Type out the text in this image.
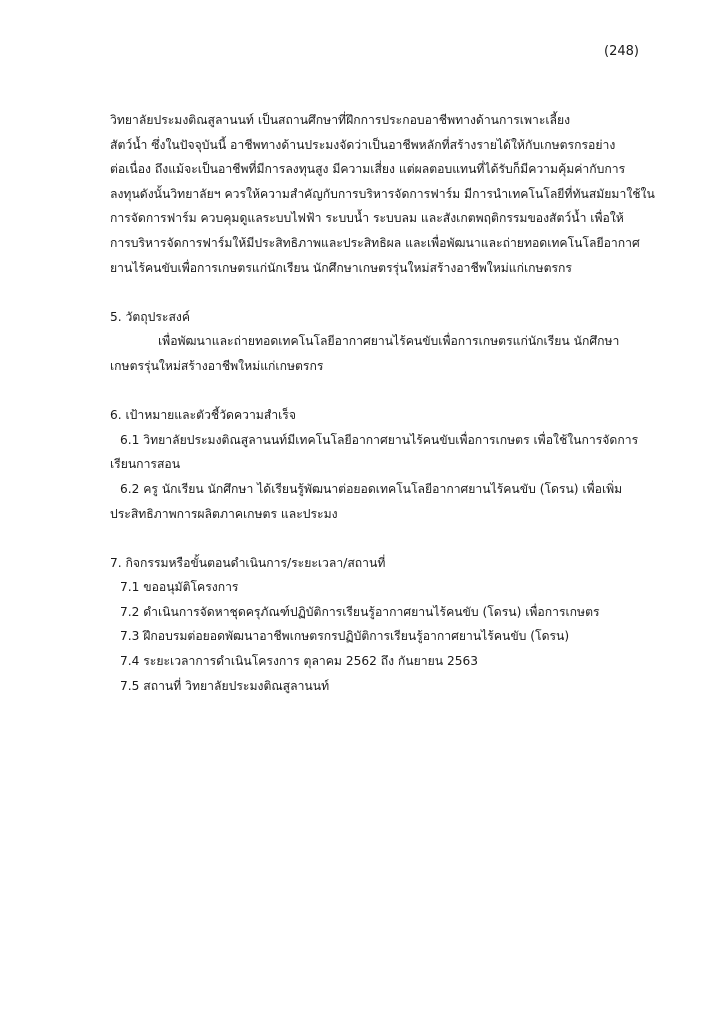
(248)
วิทยาลัยประมงติณสูลานนท์ เป็นสถานศึกษาที่ฝึกการประกอบอาชีพทางด้านการเพาะเลี้ยง
สัตว์น้ำ ซึ่งในปัจจุบันนี้ อาชีพทางด้านประมงจัดว่าเป็นอาชีพหลักที่สร้างรายได้ให้กับเกษตรกรอย่าง
ต่อเนื่อง ถึงแม้จะเป็นอาชีพที่มีการลงทุนสูง มีความเสี่ยง แต่ผลตอบแทนที่ได้รับก็มีความคุ้มค่ากับการ
ลงทุนดังนั้นวิทยาลัยฯ ควรให้ความสำคัญกับการบริหารจัดการฟาร์ม มีการนำเทคโนโลยีที่ทันสมัยมาใช้ใน
การจัดการฟาร์ม ควบคุมดูแลระบบไฟฟ้า ระบบน้ำ ระบบลม และสังเกตพฤติกรรมของสัตว์น้ำ เพื่อให้
การบริหารจัดการฟาร์มให้มีประสิทธิภาพและประสิทธิผล และเพื่อพัฒนาและถ่ายทอดเทคโนโลยีอากาศ
ยานไร้คนขับเพื่อการเกษตรแก่นักเรียน นักศึกษาเกษตรรุ่นใหม่สร้างอาชีพใหม่แก่เกษตรกร
5. วัตถุประสงค์
เพื่อพัฒนาและถ่ายทอดเทคโนโลยีอากาศยานไร้คนขับเพื่อการเกษตรแก่นักเรียน นักศึกษา
เกษตรรุ่นใหม่สร้างอาชีพใหม่แก่เกษตรกร
6. เป้าหมายและตัวชี้วัดความสำเร็จ
6.1 วิทยาลัยประมงติณสูลานนท์มีเทคโนโลยีอากาศยานไร้คนขับเพื่อการเกษตร เพื่อใช้ในการจัดการ
เรียนการสอน
6.2 ครู นักเรียน นักศึกษา ได้เรียนรู้พัฒนาต่อยอดเทคโนโลยีอากาศยานไร้คนขับ (โดรน) เพื่อเพิ่ม
ประสิทธิภาพการผลิตภาคเกษตร และประมง
7. กิจกรรมหรือขั้นตอนดำเนินการ/ระยะเวลา/สถานที่
7.1 ขออนุมัติโครงการ
7.2 ดำเนินการจัดหาชุดครุภัณฑ์ปฏิบัติการเรียนรู้อากาศยานไร้คนขับ (โดรน) เพื่อการเกษตร
7.3 ฝึกอบรมต่อยอดพัฒนาอาชีพเกษตรกรปฏิบัติการเรียนรู้อากาศยานไร้คนขับ (โดรน)
7.4 ระยะเวลาการดำเนินโครงการ ตุลาคม 2562 ถึง กันยายน 2563
7.5 สถานที่ วิทยาลัยประมงติณสูลานนท์
